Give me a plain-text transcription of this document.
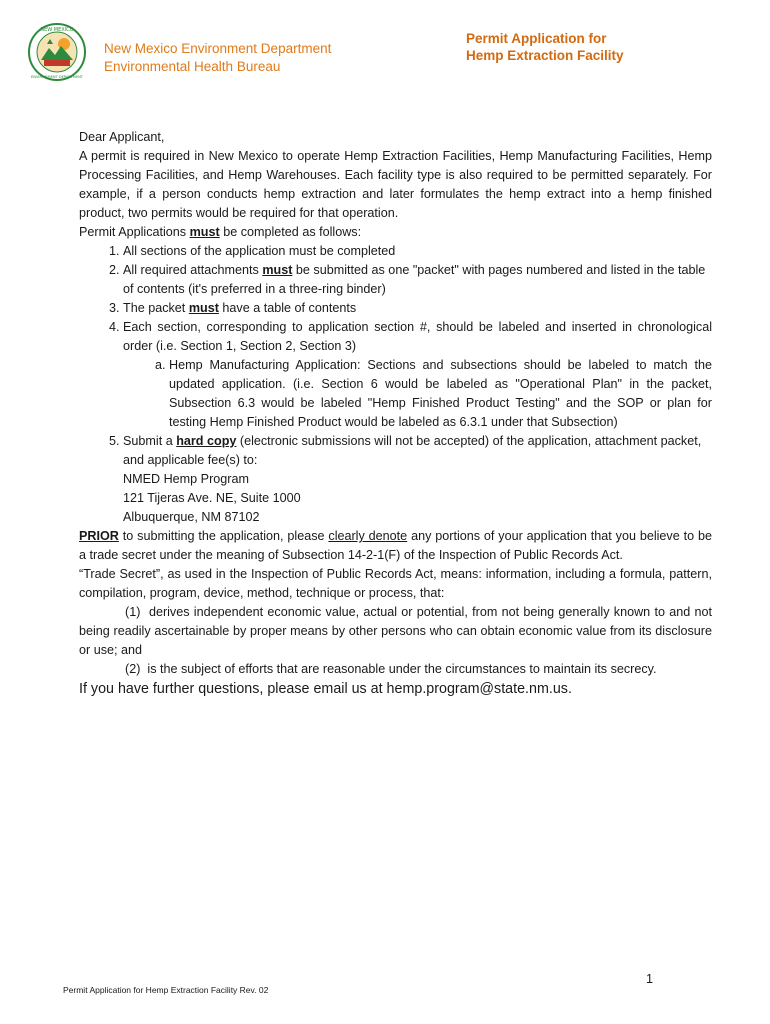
NEW MEXICO
ENVIRONMENT DEPARTMENT
New Mexico Environment Department
Environmental Health Bureau
Permit Application for
Hemp Extraction Facility

Dear Applicant,

A permit is required in New Mexico to operate Hemp Extraction Facilities, Hemp Manufacturing Facilities, Hemp Processing Facilities, and Hemp Warehouses. Each facility type is also required to be permitted separately. For example, if a person conducts hemp extraction and later formulates the hemp extract into a hemp finished product, two permits would be required for that operation.

Permit Applications must be completed as follows:

1. All sections of the application must be completed
2. All required attachments must be submitted as one "packet" with pages numbered and listed in the table of contents (it's preferred in a three-ring binder)
3. The packet must have a table of contents
4. Each section, corresponding to application section #, should be labeled and inserted in chronological order (i.e. Section 1, Section 2, Section 3)
a. Hemp Manufacturing Application: Sections and subsections should be labeled to match the updated application. (i.e. Section 6 would be labeled as "Operational Plan" in the packet, Subsection 6.3 would be labeled "Hemp Finished Product Testing" and the SOP or plan for testing Hemp Finished Product would be labeled as 6.3.1 under that Subsection)
5. Submit a hard copy (electronic submissions will not be accepted) of the application, attachment packet, and applicable fee(s) to:
NMED Hemp Program
121 Tijeras Ave. NE, Suite 1000
Albuquerque, NM 87102

PRIOR to submitting the application, please clearly denote any portions of your application that you believe to be a trade secret under the meaning of Subsection 14-2-1(F) of the Inspection of Public Records Act.

“Trade Secret”, as used in the Inspection of Public Records Act, means: information, including a formula, pattern, compilation, program, device, method, technique or process, that:

(1) derives independent economic value, actual or potential, from not being generally known to and not being readily ascertainable by proper means by other persons who can obtain economic value from its disclosure or use; and

(2) is the subject of efforts that are reasonable under the circumstances to maintain its secrecy.

If you have further questions, please email us at hemp.program@state.nm.us.

1
Permit Application for Hemp Extraction Facility Rev. 02
